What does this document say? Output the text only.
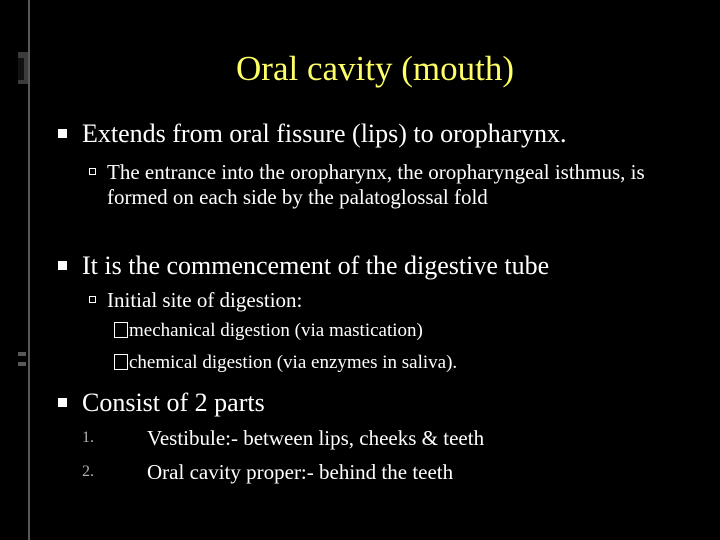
Oral cavity (mouth)
Extends from oral fissure (lips) to oropharynx.
The entrance into the oropharynx, the oropharyngeal isthmus, is formed on each side by the palatoglossal fold
It is the commencement of the digestive tube
Initial site of digestion:
mechanical digestion (via mastication)
chemical digestion (via enzymes in saliva).
Consist of 2 parts
1.	Vestibule:- between lips, cheeks & teeth
2.	Oral cavity proper:- behind the teeth
